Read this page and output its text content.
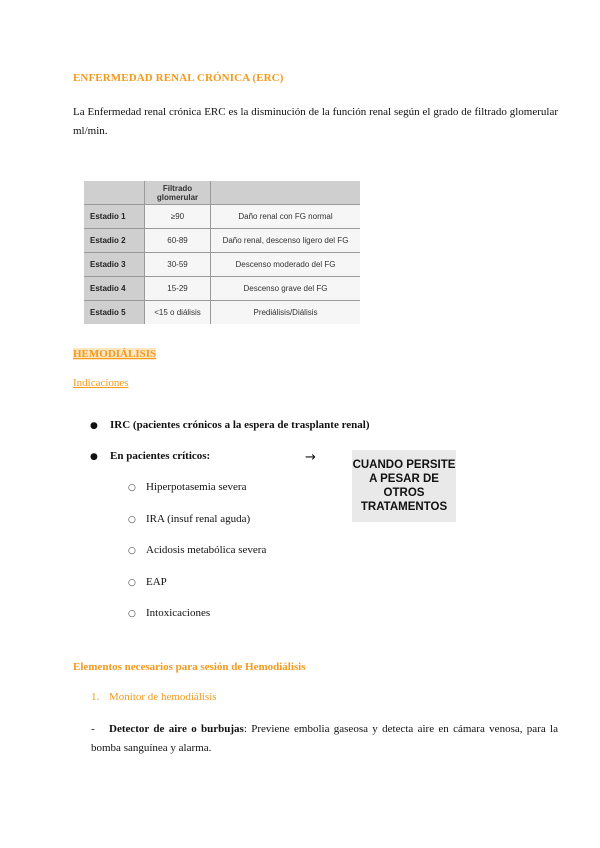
ENFERMEDAD RENAL CRÓNICA (ERC)
La Enfermedad renal crónica ERC es la disminución de la función renal según el grado de filtrado glomerular ml/min.
	Filtrado glomerular	
Estadio 1	≥90	Daño renal con FG normal
Estadio 2	60-89	Daño renal, descenso ligero del FG
Estadio 3	30-59	Descenso moderado del FG
Estadio 4	15-29	Descenso grave del FG
Estadio 5	<15 o diálisis	Prediálisis/Diálisis
HEMODIÁLISIS
Indicaciones
● IRC (pacientes crónicos a la espera de trasplante renal)
● En pacientes críticos:	→	CUANDO PERSITE A PESAR DE OTROS TRATAMENTOS
○ Hiperpotasemia severa
○ IRA (insuf renal aguda)
○ Acidosis metabólica severa
○ EAP
○ Intoxicaciones
Elementos necesarios para sesión de Hemodiálisis
1. Monitor de hemodiálisis
- Detector de aire o burbujas: Previene embolia gaseosa y detecta aire en cámara venosa, para la bomba sanguínea y alarma.
